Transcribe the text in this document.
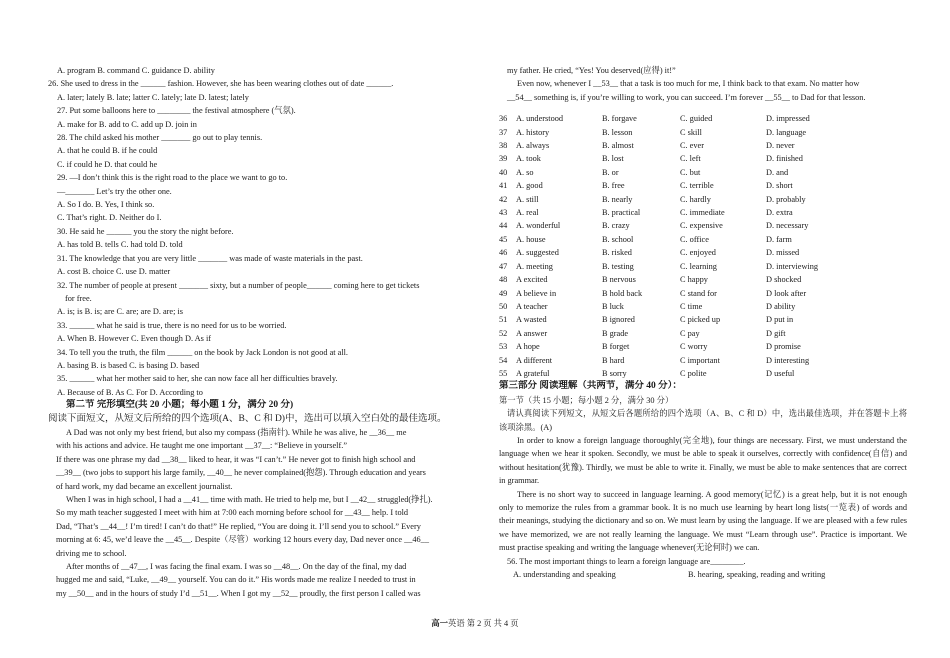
A. program B. command C. guidance D. ability
26. She used to dress in the ______ fashion. However, she has been wearing clothes out of date ______.
A. later; lately B. late; latter C. lately; late D. latest; lately
27. Put some balloons here to ________ the festival atmosphere (气氛).
A. make for B. add to C. add up D. join in
28. The child asked his mother _______ go out to play tennis.
A. that he could B. if he could
C. if could he D. that could he
29. —I don’t think this is the right road to the place we want to go to.
—_______ Let’s try the other one.
A. So I do. B. Yes, I think so.
C. That’s right. D. Neither do I.
30. He said he ______ you the story the night before.
A. has told B. tells C. had told D. told
31. The knowledge that you are very little _______ was made of waste materials in the past.
A. cost B. choice C. use D. matter
32. The number of people at present _______ sixty, but a number of people______ coming here to get tickets
for free.
A. is; is B. is; are C. are; are D. are; is
33. ______ what he said is true, there is no need for us to be worried.
A. When B. However C. Even though D. As if
34. To tell you the truth, the film ______ on the book by Jack London is not good at all.
A. basing B. is based C. is basing D. based
35. ______ what her mother said to her, she can now face all her difficulties bravely.
A. Because of B. As C. For D. According to
第二节 完形填空(共 20 小题；每小题 1 分，满分 20 分)
阅读下面短文，从短文后所给的四个选项(A、B、C 和 D)中，选出可以填入空白处的最佳选项。
A Dad was not only my best friend, but also my compass (指南针). While he was alive, he __36__ me
with his actions and advice. He taught me one important __37__: “Believe in yourself.”
If there was one phrase my dad __38__ liked to hear, it was “I can’t.” He never got to finish high school and
__39__ (two jobs to support his large family, __40__ he never complained(抱怨). Through education and years
of hard work, my dad became an excellent journalist.
When I was in high school, I had a __41__ time with math. He tried to help me, but I __42__ struggled(挣扎).
So my math teacher suggested I meet with him at 7:00 each morning before school for __43__ help. I told
Dad, “That’s __44__! I’m tired! I can’t do that!” He replied, “You are doing it. I’ll send you to school.” Every
morning at 6: 45, we’d leave the __45__. Despite（尽管）working 12 hours every day, Dad never once __46__
driving me to school.
After months of __47__, I was facing the final exam. I was so __48__. On the day of the final, my dad
hugged me and said, “Luke, __49__ yourself. You can do it.” His words made me realize I needed to trust in
my __50__ and in the hours of study I’d __51__. When I got my __52__ proudly, the first person I called was
my father. He cried, “Yes! You deserved(应得) it!”
Even now, whenever I __53__ that a task is too much for me, I think back to that exam. No matter how
__54__ something is, if you’re willing to work, you can succeed. I’m forever __55__ to Dad for that lesson.
36	A. understood	B. forgave	C. guided	D. impressed
37	A. history	B. lesson	C skill	D. language
38	A. always	B. almost	C. ever	D. never
39	A. took	B. lost	C. left	D. finished
40	A. so	B. or	C. but	D. and
41	A. good	B. free	C. terrible	D. short
42	A. still	B. nearly	C. hardly	D. probably
43	A. real	B. practical	C. immediate	D. extra
44	A. wonderful	B. crazy	C. expensive	D. necessary
45	A. house	B. school	C. office	D. farm
46	A. suggested	B. risked	C. enjoyed	D. missed
47	A. meeting	B. testing	C. learning	D. interviewing
48	A excited	B nervous	C happy	D shocked
49	A believe in	B hold back	C stand for	D look after
50	A teacher	B luck	C time	D ability
51	A wasted	B ignored	C picked up	D put in
52	A answer	B grade	C pay	D gift
53	A hope	B forget	C worry	D promise
54	A different	B hard	C important	D interesting
55	A grateful	B sorry	C polite	D useful
第三部分 阅读理解（共两节，满分 40 分）：
第一节（共 15 小题；每小题 2 分，满分 30 分）
请认真阅读下列短文，从短文后各题所给的四个选项（A、B、C 和 D）中，选出最佳选项，并在答题卡上将该项涂黑。(A)
In order to know a foreign language thoroughly(完全地), four things are necessary. First, we must understand the language when we hear it spoken. Secondly, we must be able to speak it ourselves, correctly with confidence(自信) and without hesitation(犹豫). Thirdly, we must be able to write it. Finally, we must be able to make sentences that are correct in grammar.
There is no short way to succeed in language learning. A good memory(记忆) is a great help, but it is not enough only to memorize the rules from a grammar book. It is no much use learning by heart long lists(一览表) of words and their meanings, studying the dictionary and so on. We must learn by using the language. If we are pleased with a few rules we have memorized, we are not really learning the language. We must “Learn through use”. Practice is important. We must practise speaking and writing the language whenever(无论何时) we can.
56. The most important things to learn a foreign language are________.
A. understanding and speaking	B. hearing, speaking, reading and writing
高一英语 第 2 页 共 4 页
